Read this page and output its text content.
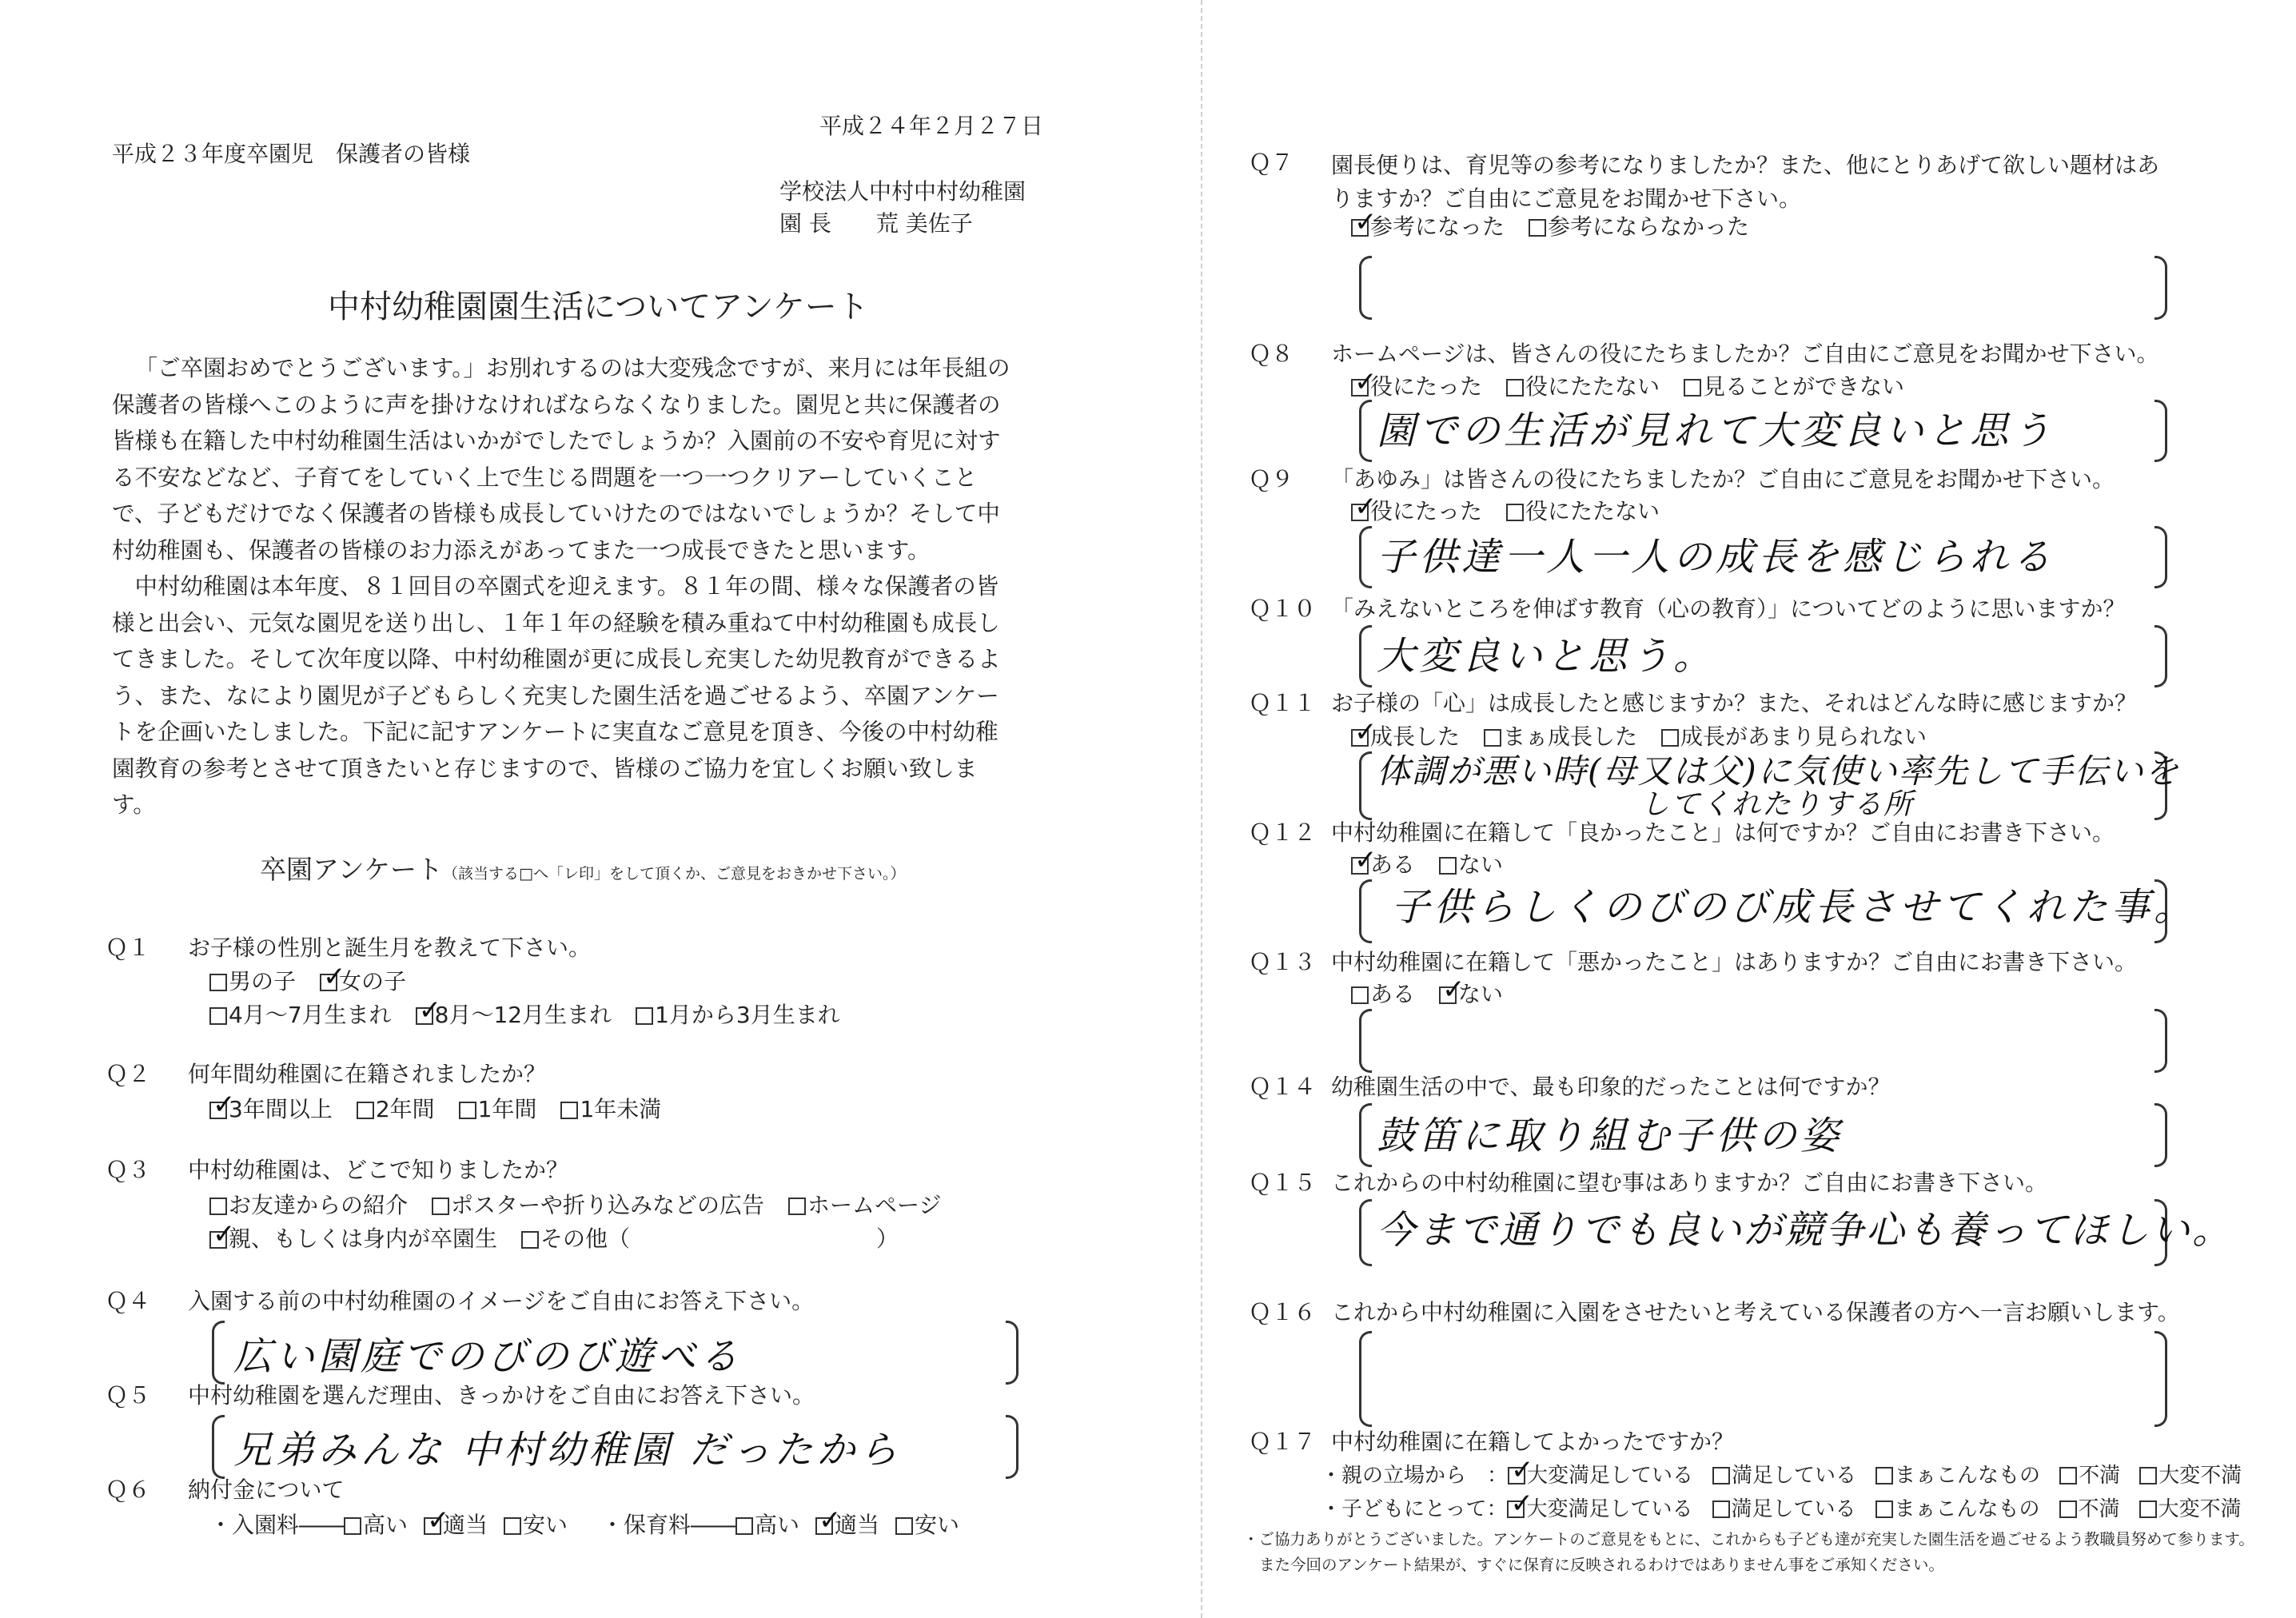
平成２４年２月２７日
平成２３年度卒園児　保護者の皆様
学校法人中村中村幼稚園
園 長　　荒 美佐子
中村幼稚園園生活についてアンケート

「ご卒園おめでとうございます。」お別れするのは大変残念ですが、来月には年長組の保護者の皆様へこのように声を掛けなければならなくなりました。園児と共に保護者の皆様も在籍した中村幼稚園生活はいかがでしたでしょうか？入園前の不安や育児に対する不安などなど、子育てをしていく上で生じる問題を一つ一つクリアーしていくことで、子どもだけでなく保護者の皆様も成長していけたのではないでしょうか？そして中村幼稚園も、保護者の皆様のお力添えがあってまた一つ成長できたと思います。

中村幼稚園は本年度、８１回目の卒園式を迎えます。８１年の間、様々な保護者の皆様と出会い、元気な園児を送り出し、１年１年の経験を積み重ねて中村幼稚園も成長してきました。そして次年度以降、中村幼稚園が更に成長し充実した幼児教育ができるよう、また、なにより園児が子どもらしく充実した園生活を過ごせるよう、卒園アンケートを企画いたしました。下記に記すアンケートに実直なご意見を頂き、今後の中村幼稚園教育の参考とさせて頂きたいと存じますので、皆様のご協力を宜しくお願い致します。

卒園アンケート（該当する□へ「レ印」をして頂くか、ご意見をおきかせ下さい。）
Ｑ１ お子様の性別と誕生月を教えて下さい。
男の子 ✓ 女の子
4月～7月生まれ ✓ 8月～12月生まれ 1月から3月生まれ
Ｑ２ 何年間幼稚園に在籍されましたか？
✓3年間以上 2年間 1年間 1年未満
Ｑ３ 中村幼稚園は、どこで知りましたか？
お友達からの紹介 ポスターや折り込みなどの広告 ホームページ
✓親、もしくは身内が卒園生 その他（　　　　　　　　　　　）
Ｑ４ 入園する前の中村幼稚園のイメージをご自由にお答え下さい。
広い園庭でのびのび遊べる
Ｑ５ 中村幼稚園を選んだ理由、きっかけをご自由にお答え下さい。
兄弟みんな 中村幼稚園 だったから
Ｑ６ 納付金について
・入園料―― 高い ✓ 適当 安い	・保育料―― 高い ✓ 適当 安い
Ｑ７ 園長便りは、育児等の参考になりましたか？また、他にとりあげて欲しい題材はありますか？ご自由にご意見をお聞かせ下さい。
✓参考になった 参考にならなかった
Ｑ８ ホームページは、皆さんの役にたちましたか？ご自由にご意見をお聞かせ下さい。
✓役にたった 役にたたない 見ることができない
園での生活が見れて大変良いと思う
Ｑ９ 「あゆみ」は皆さんの役にたちましたか？ご自由にご意見をお聞かせ下さい。
✓役にたった 役にたたない
子供達一人一人の成長を感じられる
Ｑ１０ 「みえないところを伸ばす教育（心の教育）」についてどのように思いますか？
大変良いと思う。
Ｑ１１ お子様の「心」は成長したと感じますか？また、それはどんな時に感じますか？
✓成長した まぁ成長した 成長があまり見られない
体調が悪い時(母又は父)に気使い率先して手伝いを
してくれたりする所
Ｑ１２ 中村幼稚園に在籍して「良かったこと」は何ですか？ご自由にお書き下さい。
✓ある ない
子供らしくのびのび成長させてくれた事。
Ｑ１３ 中村幼稚園に在籍して「悪かったこと」はありますか？ご自由にお書き下さい。
ある ✓ ない
Ｑ１４ 幼稚園生活の中で、最も印象的だったことは何ですか？
鼓笛に取り組む子供の姿
Ｑ１５ これからの中村幼稚園に望む事はありますか？ご自由にお書き下さい。
今まで通りでも良いが競争心も養ってほしい。
Ｑ１６ これから中村幼稚園に入園をさせたいと考えている保護者の方へ一言お願いします。
Ｑ１７ 中村幼稚園に在籍してよかったですか？
・親の立場から　： ✓ 大変満足している 満足している まぁこんなもの 不満 大変不満
・子どもにとって： ✓ 大変満足している 満足している まぁこんなもの 不満 大変不満
・ご協力ありがとうございました。アンケートのご意見をもとに、これからも子ども達が充実した園生活を過ごせるよう教職員努めて参ります。
また今回のアンケート結果が、すぐに保育に反映されるわけではありません事をご承知ください。
